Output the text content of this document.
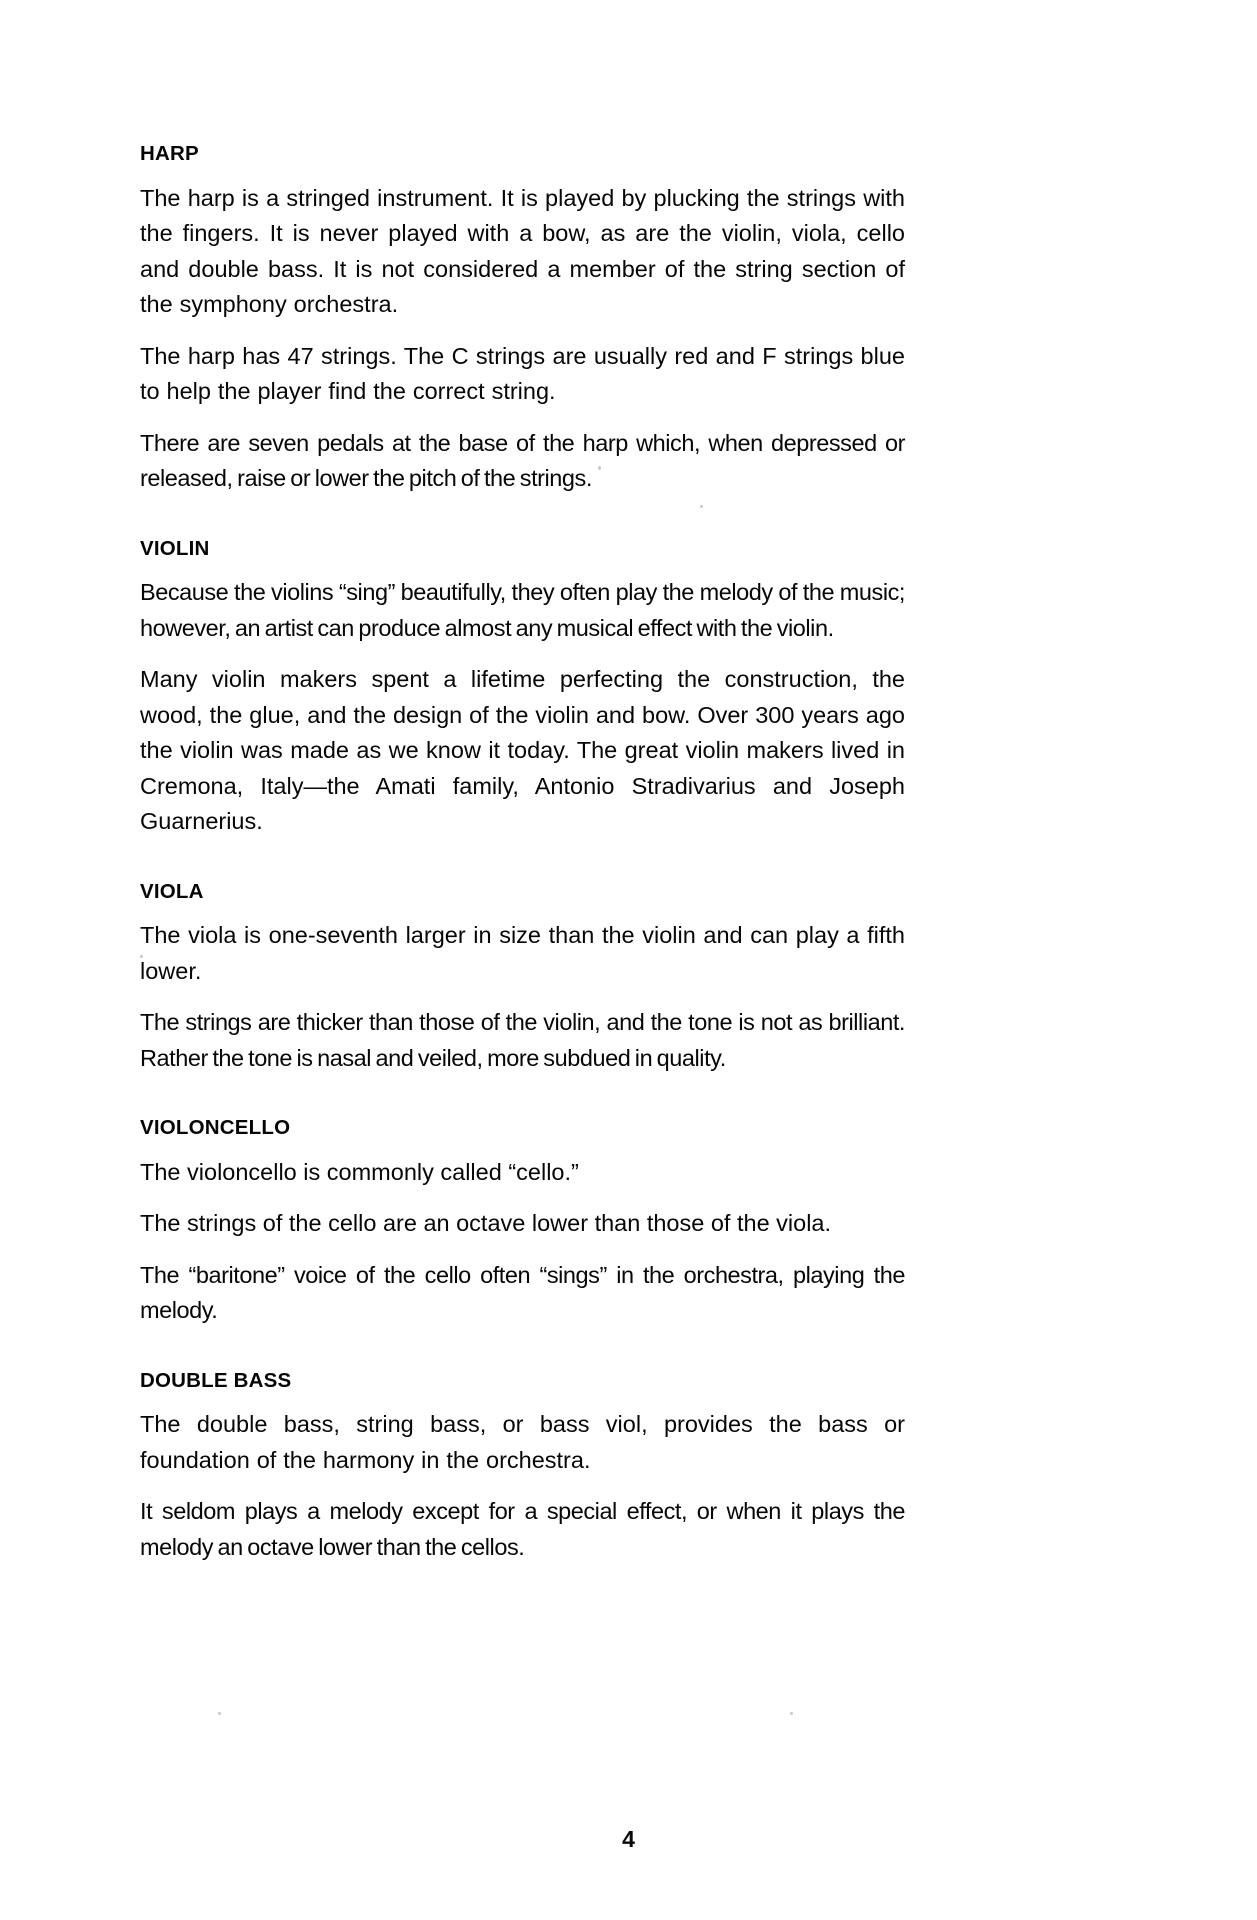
HARP

The harp is a stringed instrument. It is played by plucking the strings with the fingers. It is never played with a bow, as are the violin, viola, cello and double bass. It is not considered a member of the string section of the symphony orchestra.

The harp has 47 strings. The C strings are usually red and F strings blue to help the player find the correct string.

There are seven pedals at the base of the harp which, when depressed or released, raise or lower the pitch of the strings.

VIOLIN

Because the violins “sing” beautifully, they often play the melody of the music; however, an artist can produce almost any musical effect with the violin.

Many violin makers spent a lifetime perfecting the construction, the wood, the glue, and the design of the violin and bow. Over 300 years ago the violin was made as we know it today. The great violin makers lived in Cremona, Italy—the Amati family, Antonio Stradivarius and Joseph Guarnerius.

VIOLA

The viola is one-seventh larger in size than the violin and can play a fifth lower.

The strings are thicker than those of the violin, and the tone is not as brilliant. Rather the tone is nasal and veiled, more subdued in quality.

VIOLONCELLO

The violoncello is commonly called “cello.”

The strings of the cello are an octave lower than those of the viola.

The “baritone” voice of the cello often “sings” in the orchestra, playing the melody.

DOUBLE BASS

The double bass, string bass, or bass viol, provides the bass or foundation of the harmony in the orchestra.

It seldom plays a melody except for a special effect, or when it plays the melody an octave lower than the cellos.

4
